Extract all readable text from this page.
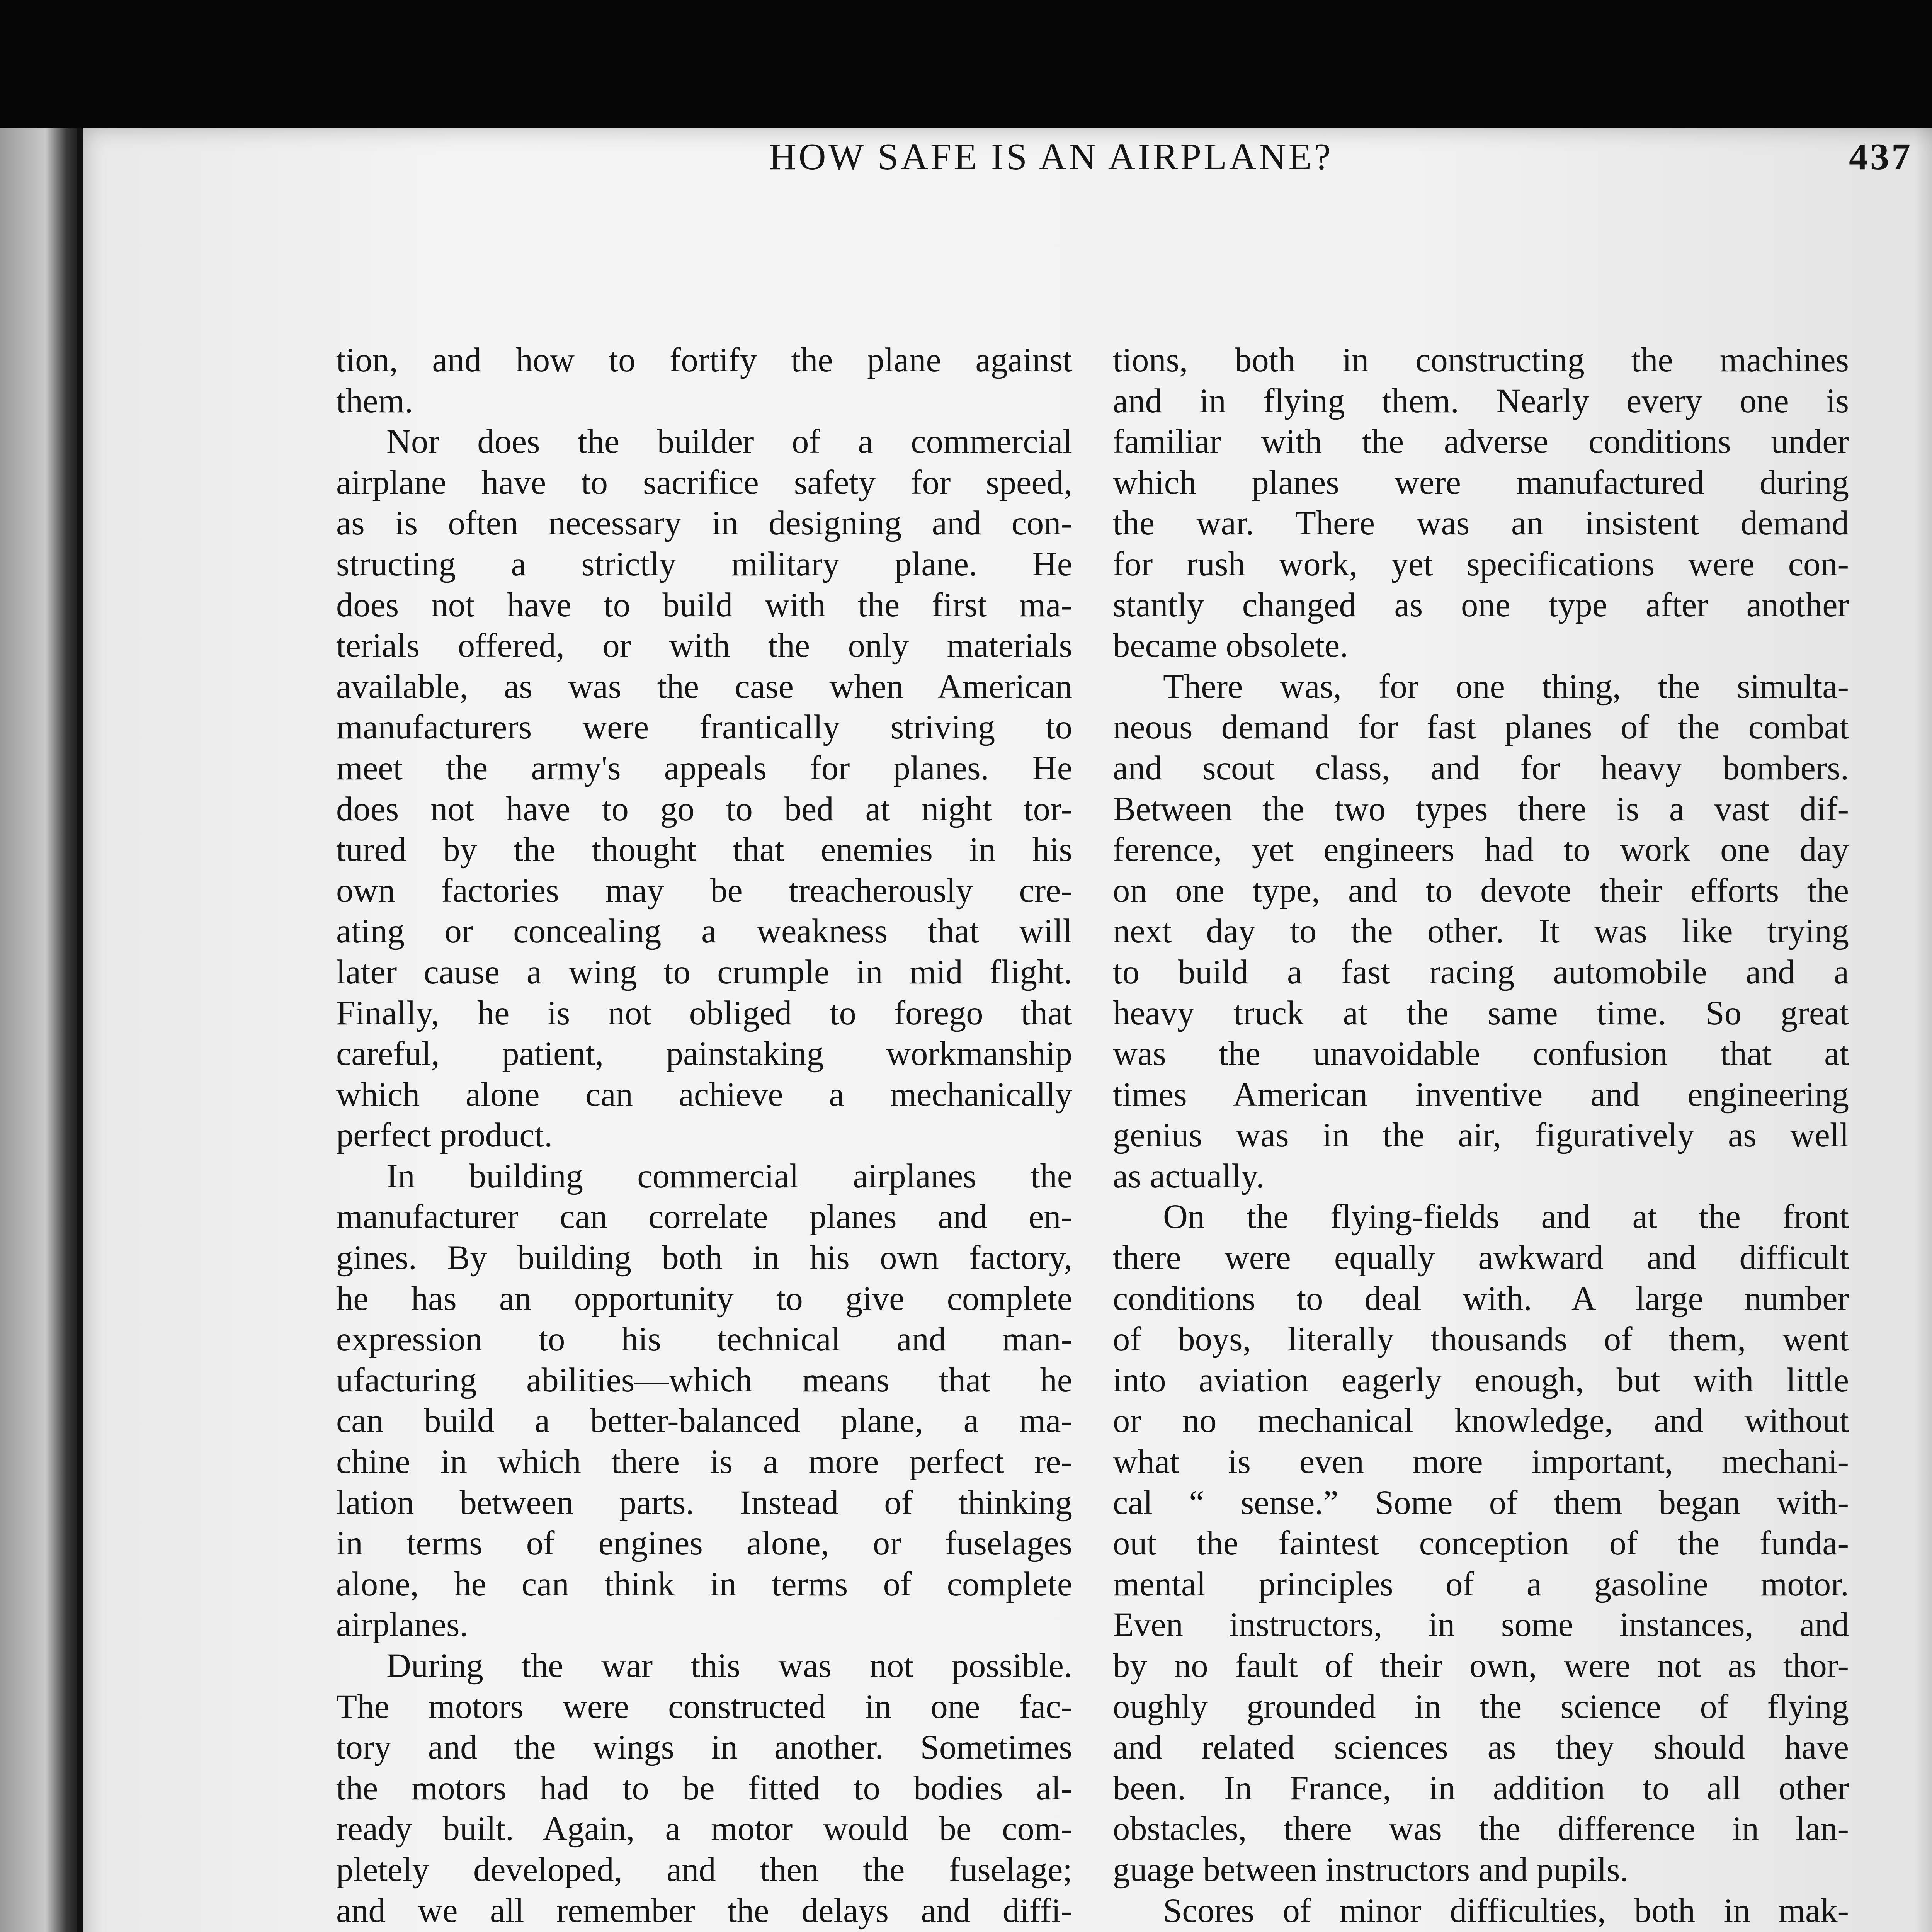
HOW SAFE IS AN AIRPLANE?	437
tion, and how to fortify the plane against
them.
Nor does the builder of a commercial
airplane have to sacrifice safety for speed,
as is often necessary in designing and con-
structing a strictly military plane. He
does not have to build with the first ma-
terials offered, or with the only materials
available, as was the case when American
manufacturers were frantically striving to
meet the army's appeals for planes. He
does not have to go to bed at night tor-
tured by the thought that enemies in his
own factories may be treacherously cre-
ating or concealing a weakness that will
later cause a wing to crumple in mid flight.
Finally, he is not obliged to forego that
careful, patient, painstaking workmanship
which alone can achieve a mechanically
perfect product.
In building commercial airplanes the
manufacturer can correlate planes and en-
gines. By building both in his own factory,
he has an opportunity to give complete
expression to his technical and man-
ufacturing abilities—which means that he
can build a better-balanced plane, a ma-
chine in which there is a more perfect re-
lation between parts. Instead of thinking
in terms of engines alone, or fuselages
alone, he can think in terms of complete
airplanes.
During the war this was not possible.
The motors were constructed in one fac-
tory and the wings in another. Sometimes
the motors had to be fitted to bodies al-
ready built. Again, a motor would be com-
pletely developed, and then the fuselage;
and we all remember the delays and diffi-
tions, both in constructing the machines
and in flying them. Nearly every one is
familiar with the adverse conditions under
which planes were manufactured during
the war. There was an insistent demand
for rush work, yet specifications were con-
stantly changed as one type after another
became obsolete.
There was, for one thing, the simulta-
neous demand for fast planes of the combat
and scout class, and for heavy bombers.
Between the two types there is a vast dif-
ference, yet engineers had to work one day
on one type, and to devote their efforts the
next day to the other. It was like trying
to build a fast racing automobile and a
heavy truck at the same time. So great
was the unavoidable confusion that at
times American inventive and engineering
genius was in the air, figuratively as well
as actually.
On the flying-fields and at the front
there were equally awkward and difficult
conditions to deal with. A large number
of boys, literally thousands of them, went
into aviation eagerly enough, but with little
or no mechanical knowledge, and without
what is even more important, mechani-
cal “ sense.” Some of them began with-
out the faintest conception of the funda-
mental principles of a gasoline motor.
Even instructors, in some instances, and
by no fault of their own, were not as thor-
oughly grounded in the science of flying
and related sciences as they should have
been. In France, in addition to all other
obstacles, there was the difference in lan-
guage between instructors and pupils.
Scores of minor difficulties, both in mak-
